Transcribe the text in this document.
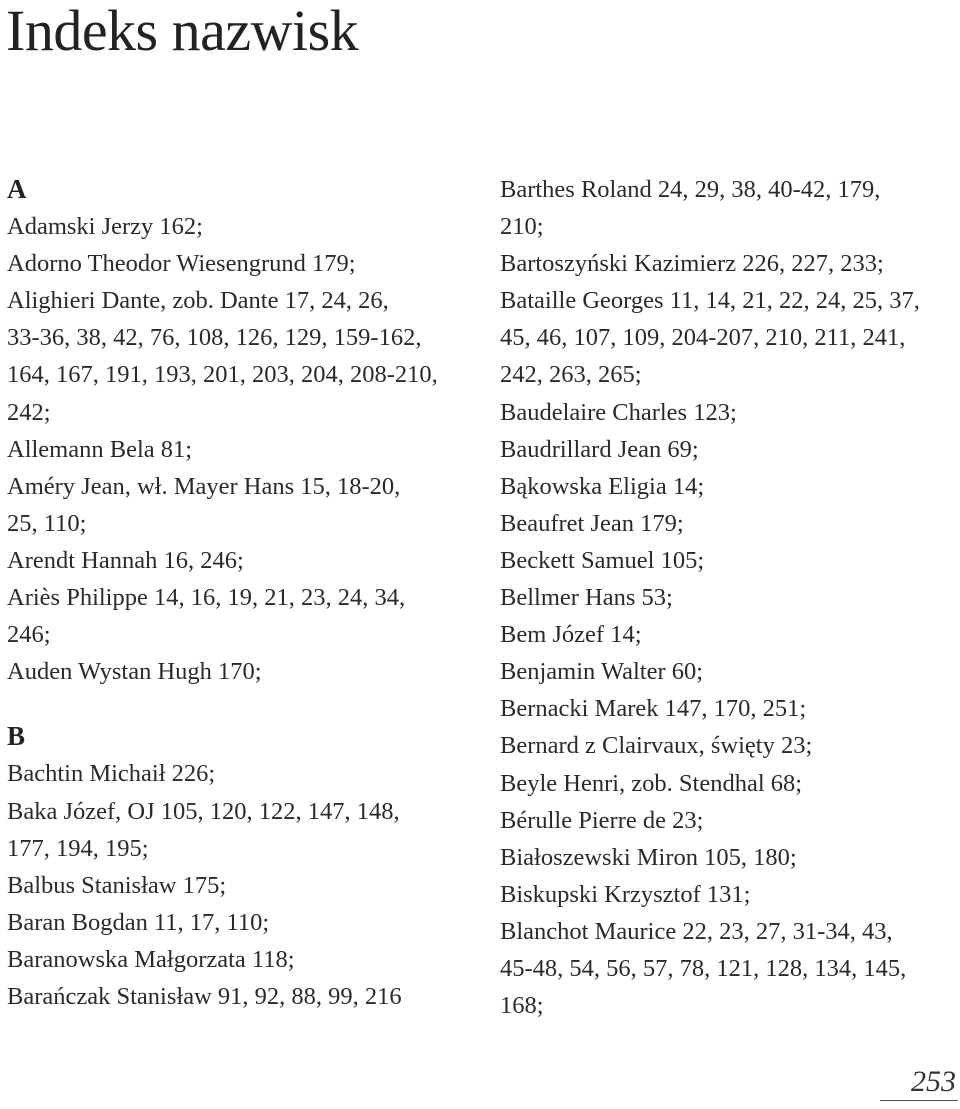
Indeks nazwisk
A
Adamski Jerzy 162;
Adorno Theodor Wiesengrund 179;
Alighieri Dante, zob. Dante 17, 24, 26,
33-36, 38, 42, 76, 108, 126, 129, 159-162,
164, 167, 191, 193, 201, 203, 204, 208-210,
242;
Allemann Bela 81;
Améry Jean, wł. Mayer Hans 15, 18-20,
25, 110;
Arendt Hannah 16, 246;
Ariès Philippe 14, 16, 19, 21, 23, 24, 34,
246;
Auden Wystan Hugh 170;
B
Bachtin Michaił 226;
Baka Józef, OJ 105, 120, 122, 147, 148,
177, 194, 195;
Balbus Stanisław 175;
Baran Bogdan 11, 17, 110;
Baranowska Małgorzata 118;
Barańczak Stanisław 91, 92, 88, 99, 216
Barthes Roland 24, 29, 38, 40-42, 179,
210;
Bartoszyński Kazimierz 226, 227, 233;
Bataille Georges 11, 14, 21, 22, 24, 25, 37,
45, 46, 107, 109, 204-207, 210, 211, 241,
242, 263, 265;
Baudelaire Charles 123;
Baudrillard Jean 69;
Bąkowska Eligia 14;
Beaufret Jean 179;
Beckett Samuel 105;
Bellmer Hans 53;
Bem Józef 14;
Benjamin Walter 60;
Bernacki Marek 147, 170, 251;
Bernard z Clairvaux, święty 23;
Beyle Henri, zob. Stendhal 68;
Bérulle Pierre de 23;
Białoszewski Miron 105, 180;
Biskupski Krzysztof 131;
Blanchot Maurice 22, 23, 27, 31-34, 43,
45-48, 54, 56, 57, 78, 121, 128, 134, 145,
168;
253
